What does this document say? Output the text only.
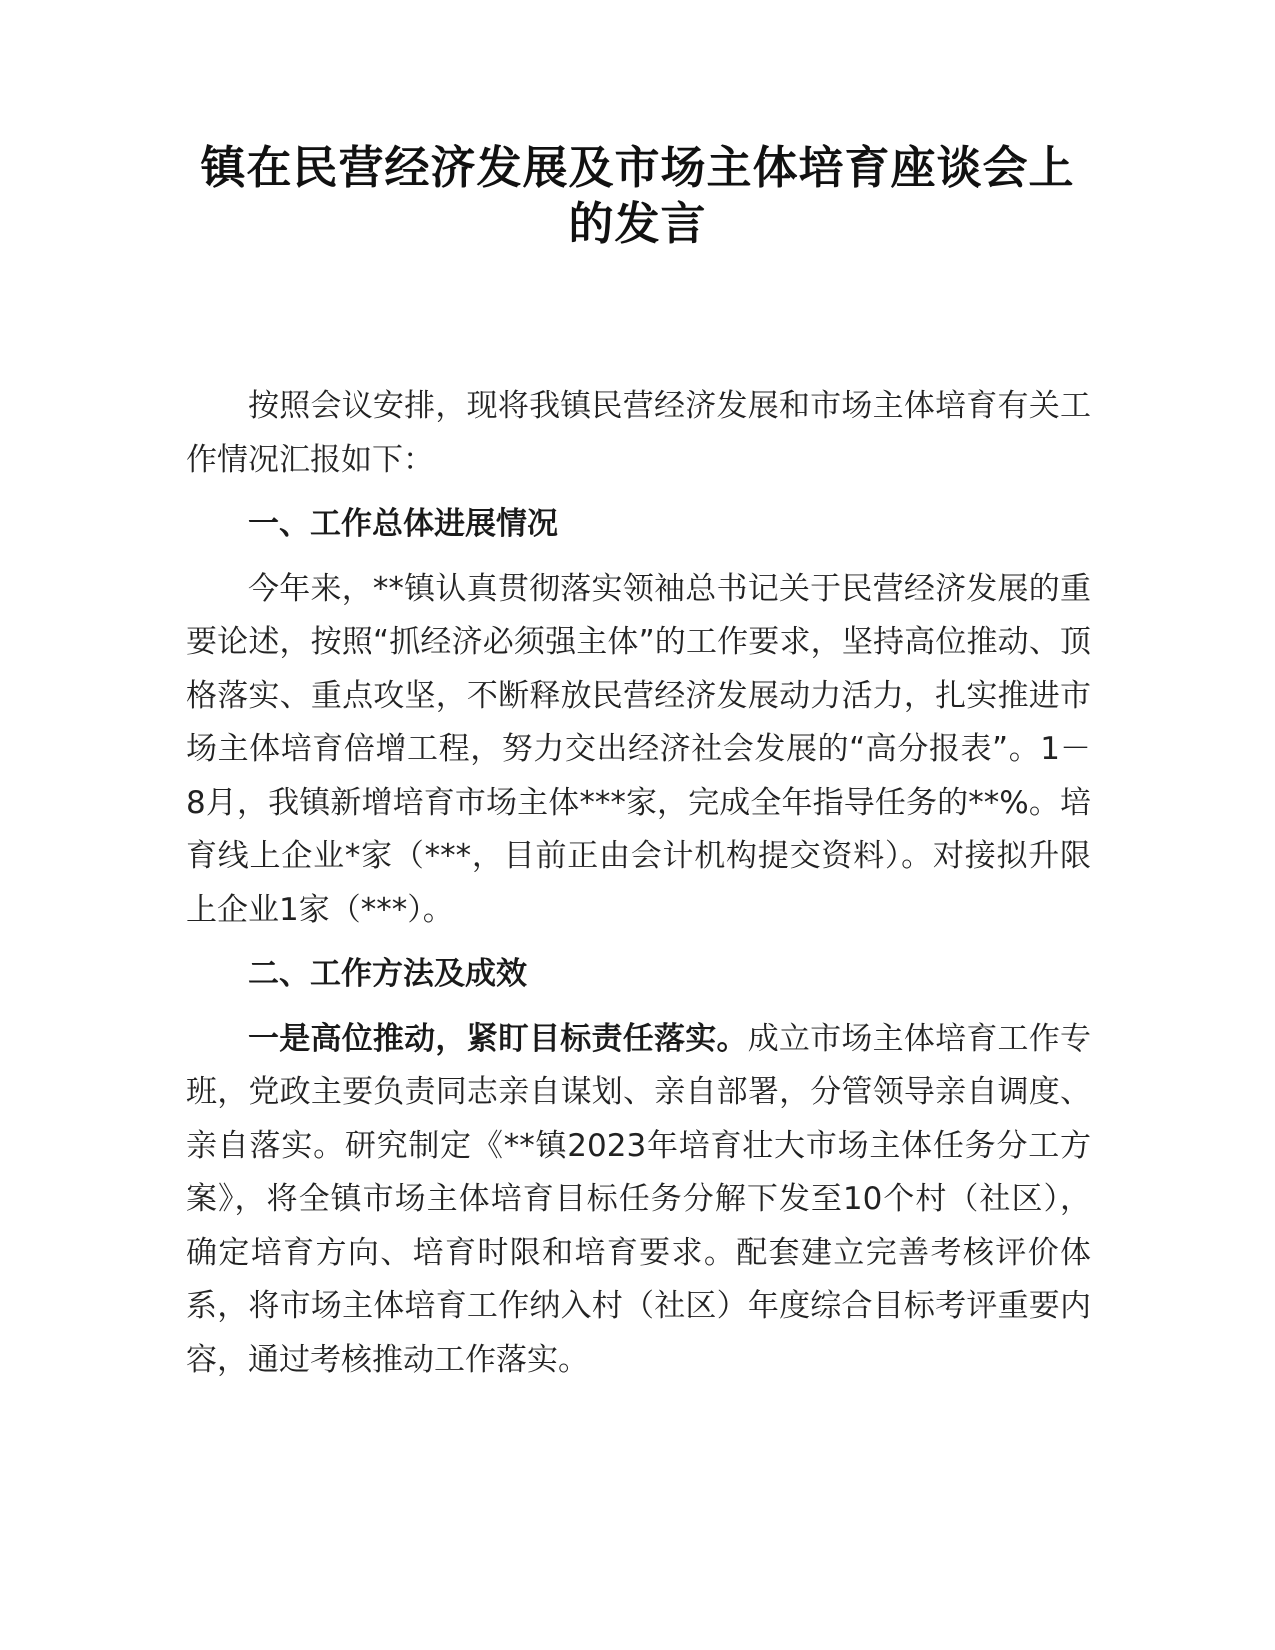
镇在民营经济发展及市场主体培育座谈会上
的发言

按照会议安排，现将我镇民营经济发展和市场主体培育有关工作情况汇报如下：

一、工作总体进展情况

今年来，**镇认真贯彻落实领袖总书记关于民营经济发展的重要论述，按照“抓经济必须强主体”的工作要求，坚持高位推动、顶格落实、重点攻坚，不断释放民营经济发展动力活力，扎实推进市场主体培育倍增工程，努力交出经济社会发展的“高分报表”。1－8月，我镇新增培育市场主体***家，完成全年指导任务的**%。培育线上企业*家（***，目前正由会计机构提交资料）。对接拟升限上企业1家（***）。

二、工作方法及成效

一是高位推动，紧盯目标责任落实。成立市场主体培育工作专班，党政主要负责同志亲自谋划、亲自部署，分管领导亲自调度、亲自落实。研究制定《**镇2023年培育壮大市场主体任务分工方案》，将全镇市场主体培育目标任务分解下发至10个村（社区），确定培育方向、培育时限和培育要求。配套建立完善考核评价体系，将市场主体培育工作纳入村（社区）年度综合目标考评重要内容，通过考核推动工作落实。
